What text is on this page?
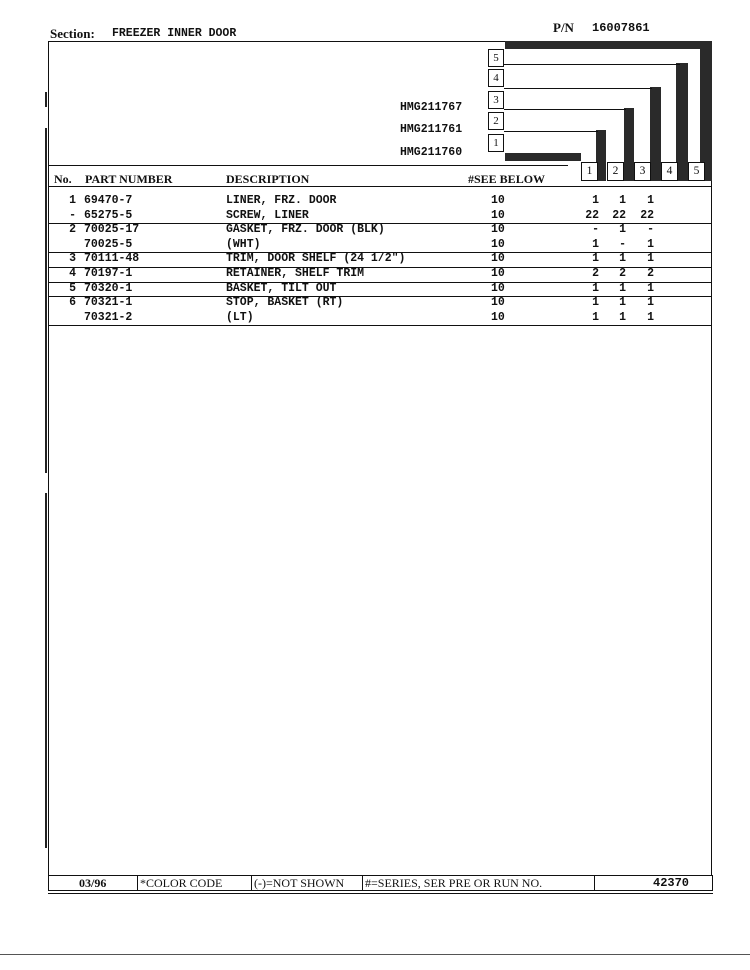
Section: FREEZER INNER DOOR	P/N 16007861
5
4
3
2
1
HMG211767
HMG211761
HMG211760
No. PART NUMBER	DESCRIPTION	#SEE BELOW
1	2	3	4	5
1 69470-7	LINER, FRZ. DOOR	10	1	1	1
- 65275-5	SCREW, LINER	10	22	22	22
2 70025-17	GASKET, FRZ. DOOR (BLK)	10	-	1	-
70025-5	(WHT)	10	1	-	1
3 70111-48	TRIM, DOOR SHELF (24 1/2")	10	1	1	1
4 70197-1	RETAINER, SHELF TRIM	10	2	2	2
5 70320-1	BASKET, TILT OUT	10	1	1	1
6 70321-1	STOP, BASKET (RT)	10	1	1	1
70321-2	(LT)	10	1	1	1
03/96	*COLOR CODE	(-)=NOT SHOWN	#=SERIES, SER PRE OR RUN NO.	42370
